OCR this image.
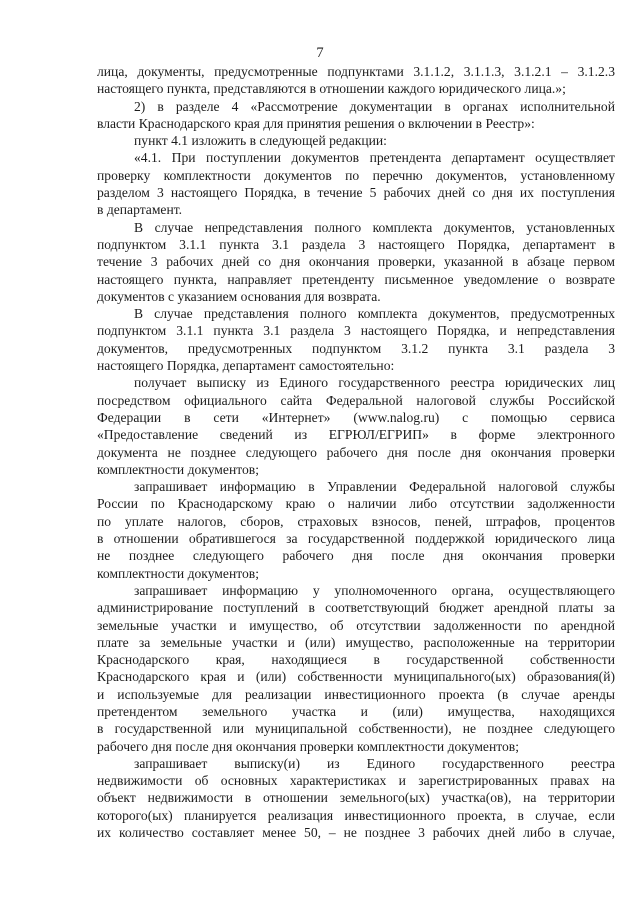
7

лица, документы, предусмотренные подпунктами 3.1.1.2, 3.1.1.3, 3.1.2.1 – 3.1.2.3
настоящего пункта, представляются в отношении каждого юридического лица.»;

2) в разделе 4 «Рассмотрение документации в органах исполнительной
власти Краснодарского края для принятия решения о включении в Реестр»:

пункт 4.1 изложить в следующей редакции:

«4.1. При поступлении документов претендента департамент осуществляет
проверку комплектности документов по перечню документов, установленному
разделом 3 настоящего Порядка, в течение 5 рабочих дней со дня их поступления
в департамент.

В случае непредставления полного комплекта документов, установленных
подпунктом 3.1.1 пункта 3.1 раздела 3 настоящего Порядка, департамент в
течение 3 рабочих дней со дня окончания проверки, указанной в абзаце первом
настоящего пункта, направляет претенденту письменное уведомление о возврате
документов с указанием основания для возврата.

В случае представления полного комплекта документов, предусмотренных
подпунктом 3.1.1 пункта 3.1 раздела 3 настоящего Порядка, и непредставления
документов, предусмотренных подпунктом 3.1.2 пункта 3.1 раздела 3
настоящего Порядка, департамент самостоятельно:

получает выписку из Единого государственного реестра юридических лиц
посредством официального сайта Федеральной налоговой службы Российской
Федерации в сети «Интернет» (www.nalog.ru) с помощью сервиса
«Предоставление сведений из ЕГРЮЛ/ЕГРИП» в форме электронного
документа не позднее следующего рабочего дня после дня окончания проверки
комплектности документов;

запрашивает информацию в Управлении Федеральной налоговой службы
России по Краснодарскому краю о наличии либо отсутствии задолженности
по уплате налогов, сборов, страховых взносов, пеней, штрафов, процентов
в отношении обратившегося за государственной поддержкой юридического лица
не позднее следующего рабочего дня после дня окончания проверки
комплектности документов;

запрашивает информацию у уполномоченного органа, осуществляющего
администрирование поступлений в соответствующий бюджет арендной платы за
земельные участки и имущество, об отсутствии задолженности по арендной
плате за земельные участки и (или) имущество, расположенные на территории
Краснодарского края, находящиеся в государственной собственности
Краснодарского края и (или) собственности муниципального(ых) образования(й)
и используемые для реализации инвестиционного проекта (в случае аренды
претендентом земельного участка и (или) имущества, находящихся
в государственной или муниципальной собственности), не позднее следующего
рабочего дня после дня окончания проверки комплектности документов;

запрашивает выписку(и) из Единого государственного реестра
недвижимости об основных характеристиках и зарегистрированных правах на
объект недвижимости в отношении земельного(ых) участка(ов), на территории
которого(ых) планируется реализация инвестиционного проекта, в случае, если
их количество составляет менее 50, – не позднее 3 рабочих дней либо в случае,
